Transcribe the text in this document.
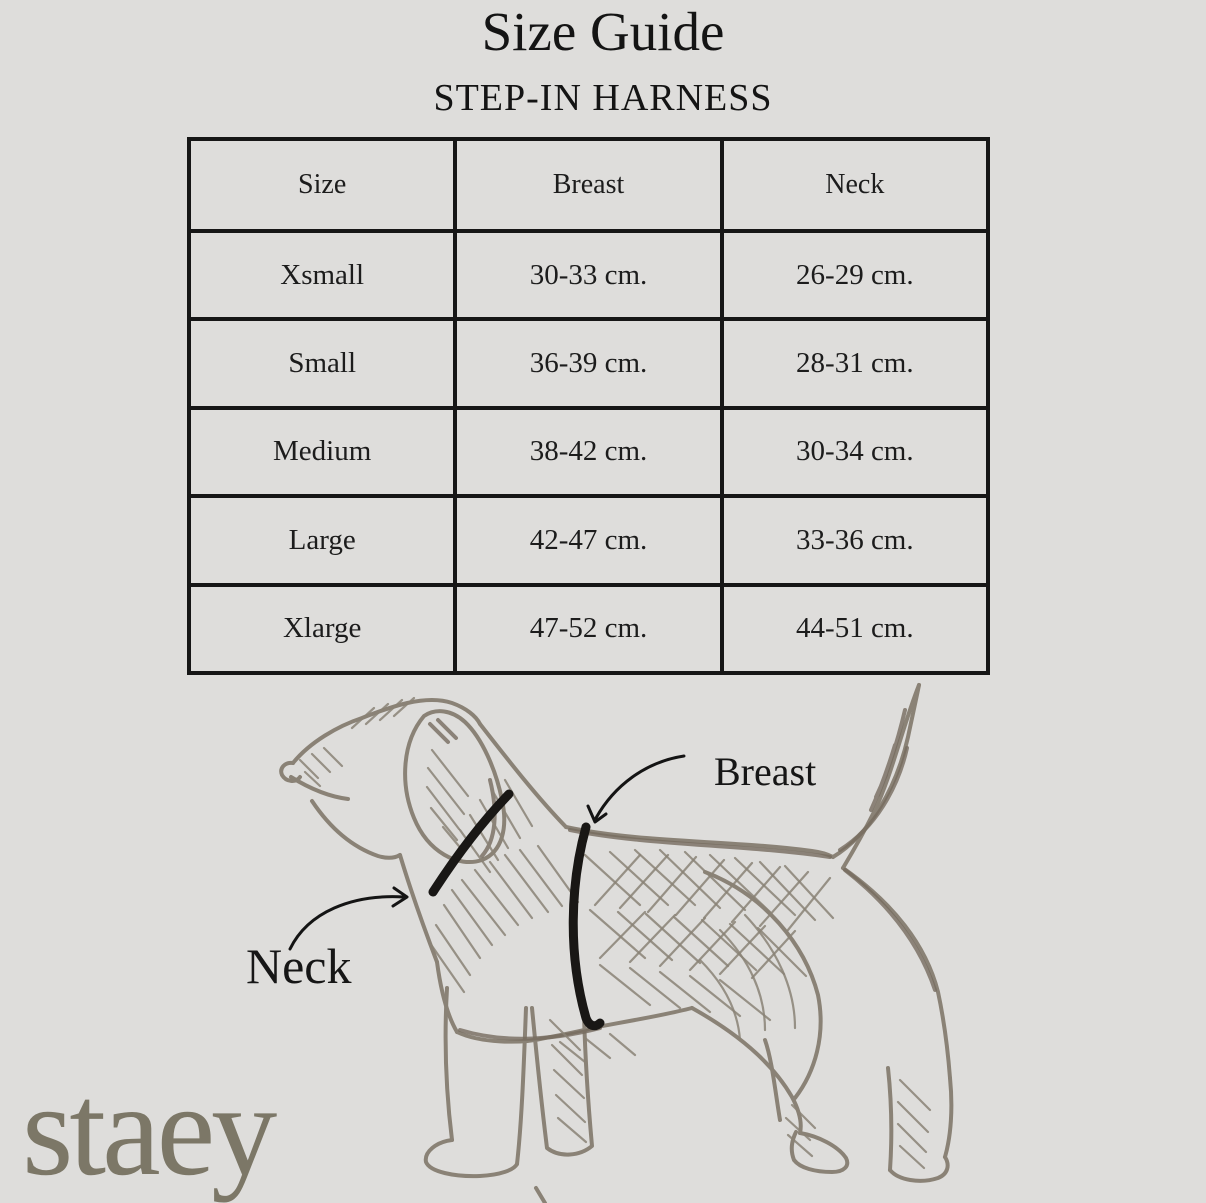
Size Guide
STEP-IN HARNESS
Size	Breast	Neck
Xsmall	30-33 cm.	26-29 cm.
Small	36-39 cm.	28-31 cm.
Medium	38-42 cm.	30-34 cm.
Large	42-47 cm.	33-36 cm.
Xlarge	47-52 cm.	44-51 cm.
Breast
Neck
staey
